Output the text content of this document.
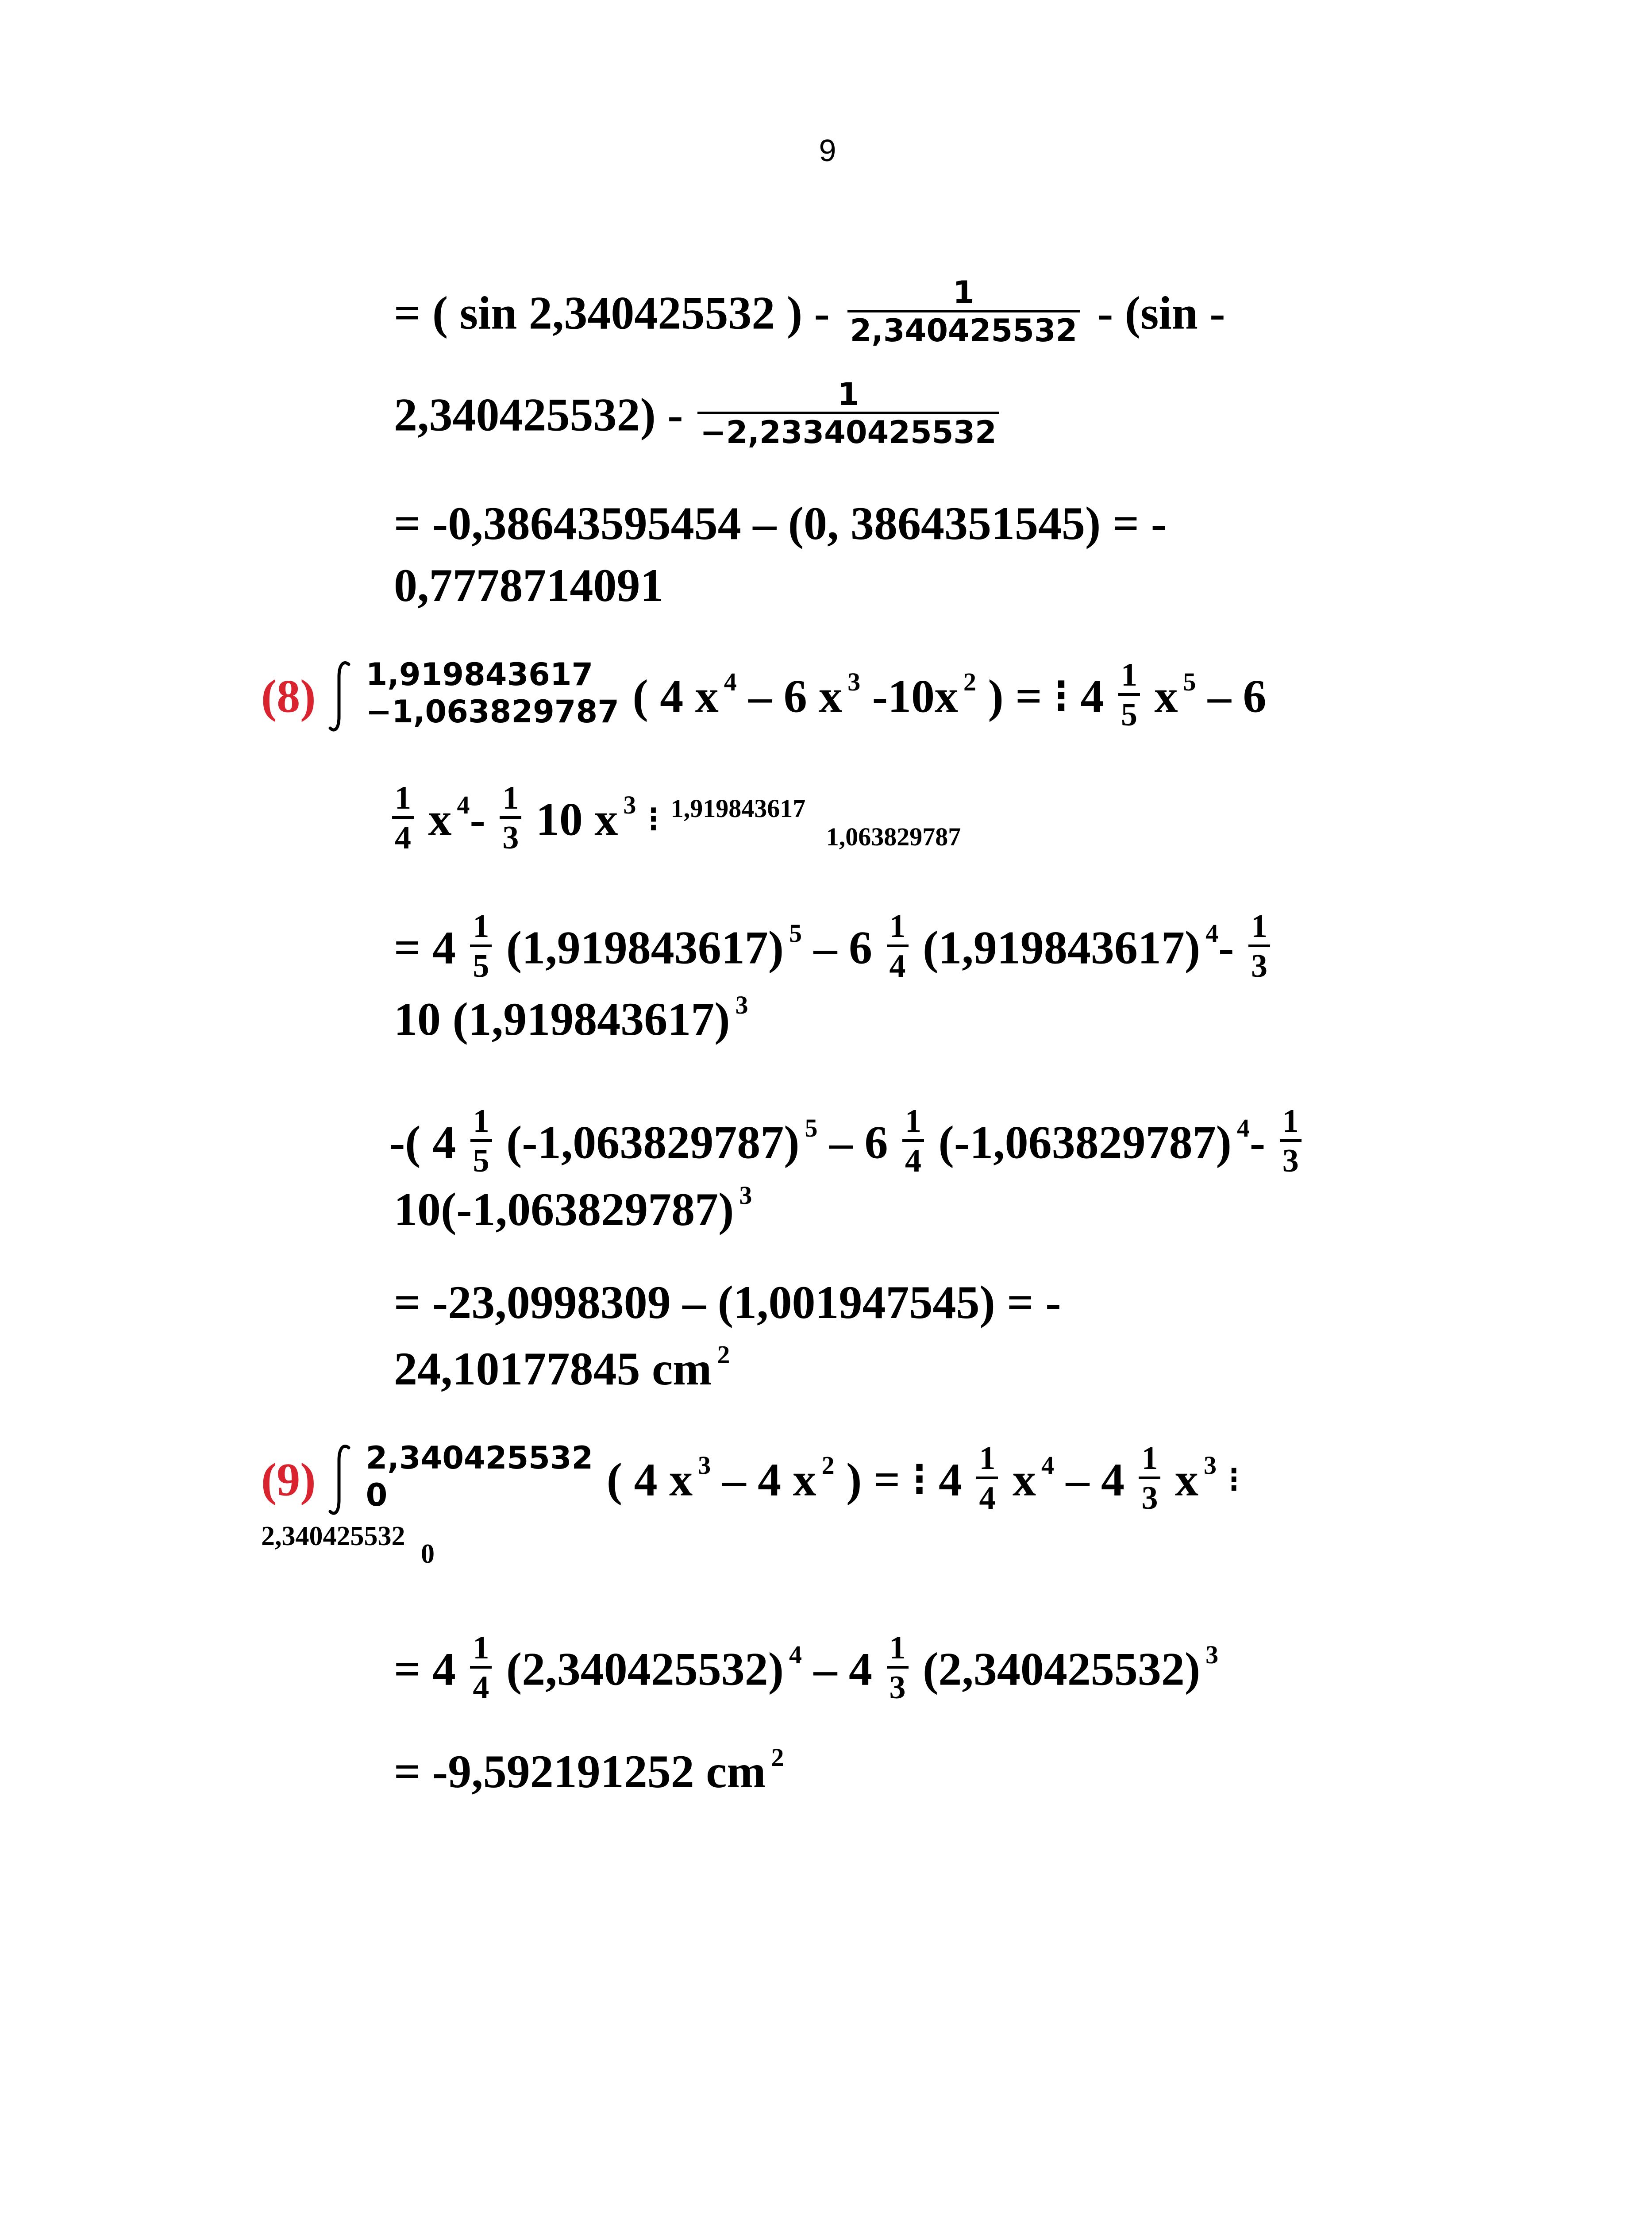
9
= ( sin 2,340425532 ) - $\frac{1}{2,340425532} - (\sin$ -
$2,340425532) - \frac{1}{-2,23340425532}$
= -0,38643595454 – (0, 3864351545) = -
0,7778714091
(8)
1,919843617
−1,063829787 ( 4 x $^4$ – 6 x $^3$ -10x $^2$ ) = ⁝ $4 \frac{1}{5}$ x $^5$ – 6
$\frac{1}{4}$ x $^4- \frac{1}{3} 10$ x $^3$ ⁝ $^{1,919843617}$ $_{1,063829787}$
= $4 \frac{1}{5} (1,919843617)$ $^5 - 6 \frac{1}{4} (1,919843617)$ $^4- \frac{1}{3}$
10 (1,919843617) $^3$
-( $4 \frac{1}{5} (-1,063829787)$ $^5 - 6 \frac{1}{4} (-1,063829787)$ $^4- \frac{1}{3}$
10(-1,063829787) $^3$
= -23,0998309 – (1,001947545) = -
24,10177845 cm $^2$
(9)
2,340425532
0	( 4 x $^3$ – 4 x $^2$ ) = ⁝ $4 \frac{1}{4}$ x $^4 - 4 \frac{1}{3}$ x $^3$ ⁝
2,340425532 0
= $4 \frac{1}{4} (2,340425532)$ $^4 - 4 \frac{1}{3} (2,340425532)$ $^3$
= -9,592191252 cm $^2$
